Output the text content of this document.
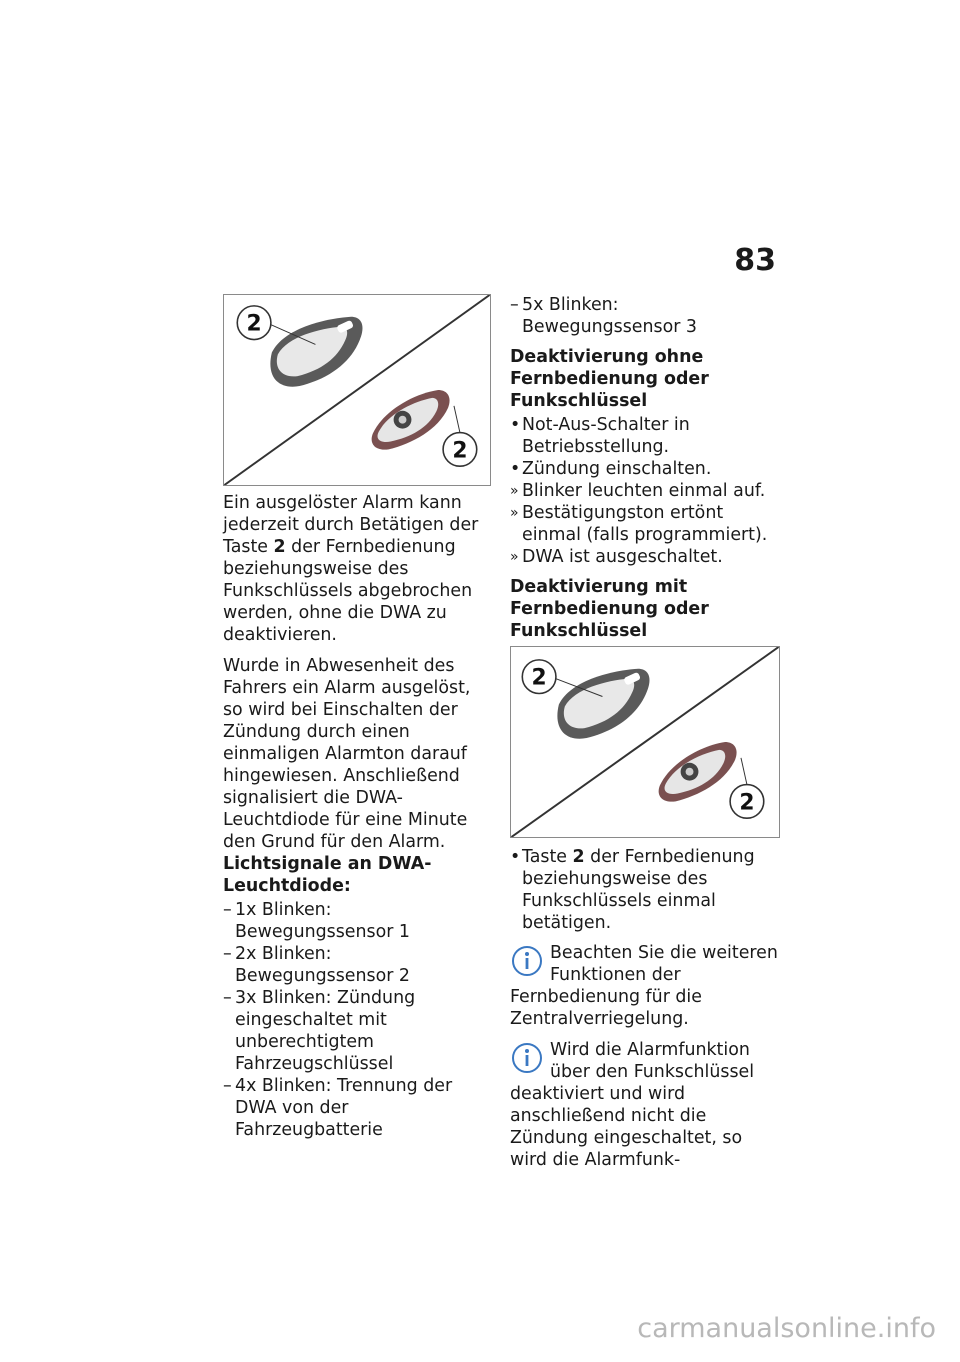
83
2
2

Ein ausgelöster Alarm kann jederzeit durch Betätigen der Taste 2 der Fernbedienung beziehungsweise des Funkschlüssels abgebrochen werden, ohne die DWA zu deaktivieren.

Wurde in Abwesenheit des Fahrers ein Alarm ausgelöst, so wird bei Einschalten der Zündung durch einen einmaligen Alarmton darauf hingewiesen. Anschließend signalisiert die DWA-Leuchtdiode für eine Minute den Grund für den Alarm.

Lichtsignale an DWA-Leuchtdiode:
– 1x Blinken: Bewegungssensor 1
– 2x Blinken: Bewegungssensor 2
– 3x Blinken: Zündung eingeschaltet mit unberechtigtem Fahrzeugschlüssel
– 4x Blinken: Trennung der DWA von der Fahrzeugbatterie
– 5x Blinken: Bewegungssensor 3
Deaktivierung ohne Fernbedienung oder Funkschlüssel
• Not-Aus-Schalter in Betriebsstellung.
• Zündung einschalten.
» Blinker leuchten einmal auf.
» Bestätigungston ertönt einmal (falls programmiert).
» DWA ist ausgeschaltet.
Deaktivierung mit Fernbedienung oder Funkschlüssel
2
2
• Taste 2 der Fernbedienung beziehungsweise des Funkschlüssels einmal betätigen.
Beachten Sie die weiteren Funktionen der Fernbedienung für die Zentralverriegelung.
Wird die Alarmfunktion über den Funkschlüssel deaktiviert und wird anschließend nicht die Zündung eingeschaltet, so wird die Alarmfunk-
carmanualsonline.info
